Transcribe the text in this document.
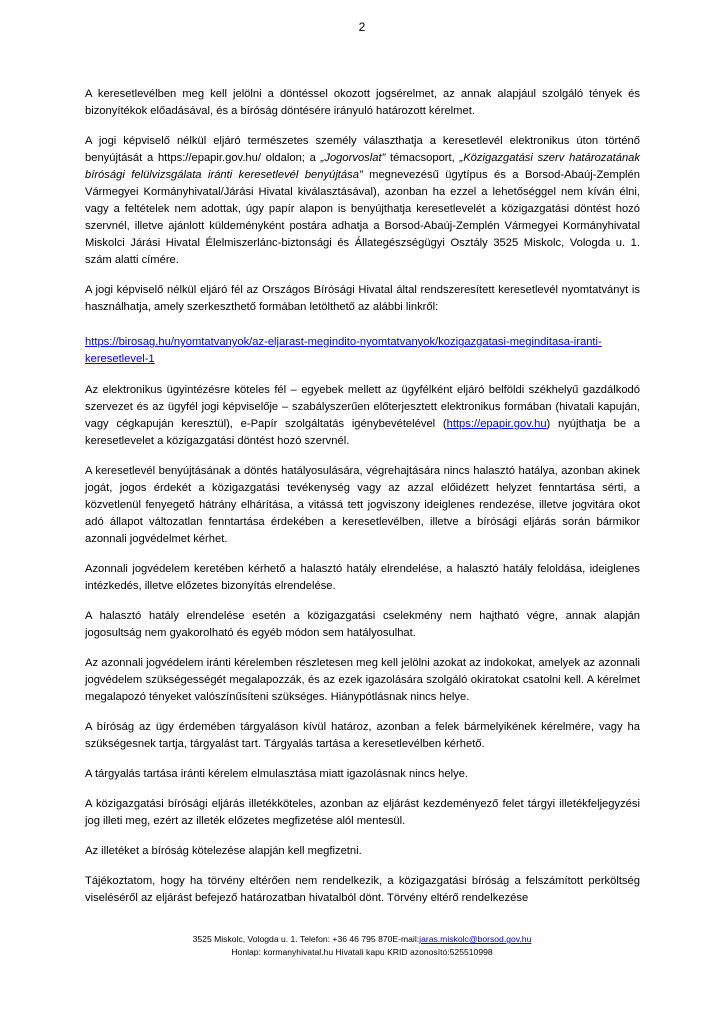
2

A keresetlevélben meg kell jelölni a döntéssel okozott jogsérelmet, az annak alapjául szolgáló tények és bizonyítékok előadásával, és a bíróság döntésére irányuló határozott kérelmet.

A jogi képviselő nélkül eljáró természetes személy választhatja a keresetlevél elektronikus úton történő benyújtását a https://epapir.gov.hu/ oldalon; a „Jogorvoslat” témacsoport, „Közigazgatási szerv határozatának bírósági felülvizsgálata iránti keresetlevél benyújtása” megnevezésű ügytípus és a Borsod-Abaúj-Zemplén Vármegyei Kormányhivatal/Járási Hivatal kiválasztásával), azonban ha ezzel a lehetőséggel nem kíván élni, vagy a feltételek nem adottak, úgy papír alapon is benyújthatja keresetlevelét a közigazgatási döntést hozó szervnél, illetve ajánlott küldeményként postára adhatja a Borsod-Abaúj-Zemplén Vármegyei Kormányhivatal Miskolci Járási Hivatal Élelmiszerlánc-biztonsági és Állategészségügyi Osztály 3525 Miskolc, Vologda u. 1. szám alatti címére.

A jogi képviselő nélkül eljáró fél az Országos Bírósági Hivatal által rendszeresített keresetlevél nyomtatványt is használhatja, amely szerkeszthető formában letölthető az alábbi linkről:

https://birosag.hu/nyomtatvanyok/az-eljarast-megindito-nyomtatvanyok/kozigazgatasi-meginditasa-iranti-keresetlevel-1

Az elektronikus ügyintézésre köteles fél – egyebek mellett az ügyfélként eljáró belföldi székhelyű gazdálkodó szervezet és az ügyfél jogi képviselője – szabályszerűen előterjesztett elektronikus formában (hivatali kapuján, vagy cégkapuján keresztül), e-Papír szolgáltatás igénybevételével (https://epapir.gov.hu) nyújthatja be a keresetlevelet a közigazgatási döntést hozó szervnél.

A keresetlevél benyújtásának a döntés hatályosulására, végrehajtására nincs halasztó hatálya, azonban akinek jogát, jogos érdekét a közigazgatási tevékenység vagy az azzal előidézett helyzet fenntartása sérti, a közvetlenül fenyegető hátrány elhárítása, a vitássá tett jogviszony ideiglenes rendezése, illetve jogvitára okot adó állapot változatlan fenntartása érdekében a keresetlevélben, illetve a bírósági eljárás során bármikor azonnali jogvédelmet kérhet.

Azonnali jogvédelem keretében kérhető a halasztó hatály elrendelése, a halasztó hatály feloldása, ideiglenes intézkedés, illetve előzetes bizonyítás elrendelése.

A halasztó hatály elrendelése esetén a közigazgatási cselekmény nem hajtható végre, annak alapján jogosultság nem gyakorolható és egyéb módon sem hatályosulhat.

Az azonnali jogvédelem iránti kérelemben részletesen meg kell jelölni azokat az indokokat, amelyek az azonnali jogvédelem szükségességét megalapozzák, és az ezek igazolására szolgáló okiratokat csatolni kell. A kérelmet megalapozó tényeket valószínűsíteni szükséges. Hiánypótlásnak nincs helye.

A bíróság az ügy érdemében tárgyaláson kívül határoz, azonban a felek bármelyikének kérelmére, vagy ha szükségesnek tartja, tárgyalást tart. Tárgyalás tartása a keresetlevélben kérhető.

A tárgyalás tartása iránti kérelem elmulasztása miatt igazolásnak nincs helye.

A közigazgatási bírósági eljárás illetékköteles, azonban az eljárást kezdeményező felet tárgyi illetékfeljegyzési jog illeti meg, ezért az illeték előzetes megfizetése alól mentesül.

Az illetéket a bíróság kötelezése alapján kell megfizetni.

Tájékoztatom, hogy ha törvény eltérően nem rendelkezik, a közigazgatási bíróság a felszámított perköltség viseléséről az eljárást befejező határozatban hivatalból dönt. Törvény eltérő rendelkezése

3525 Miskolc, Vologda u. 1. Telefon: +36 46 795 870E-mail:jaras.miskolc@borsod.gov.hu
Honlap: kormanyhivatal.hu Hivatali kapu KRID azonosító:525510998
